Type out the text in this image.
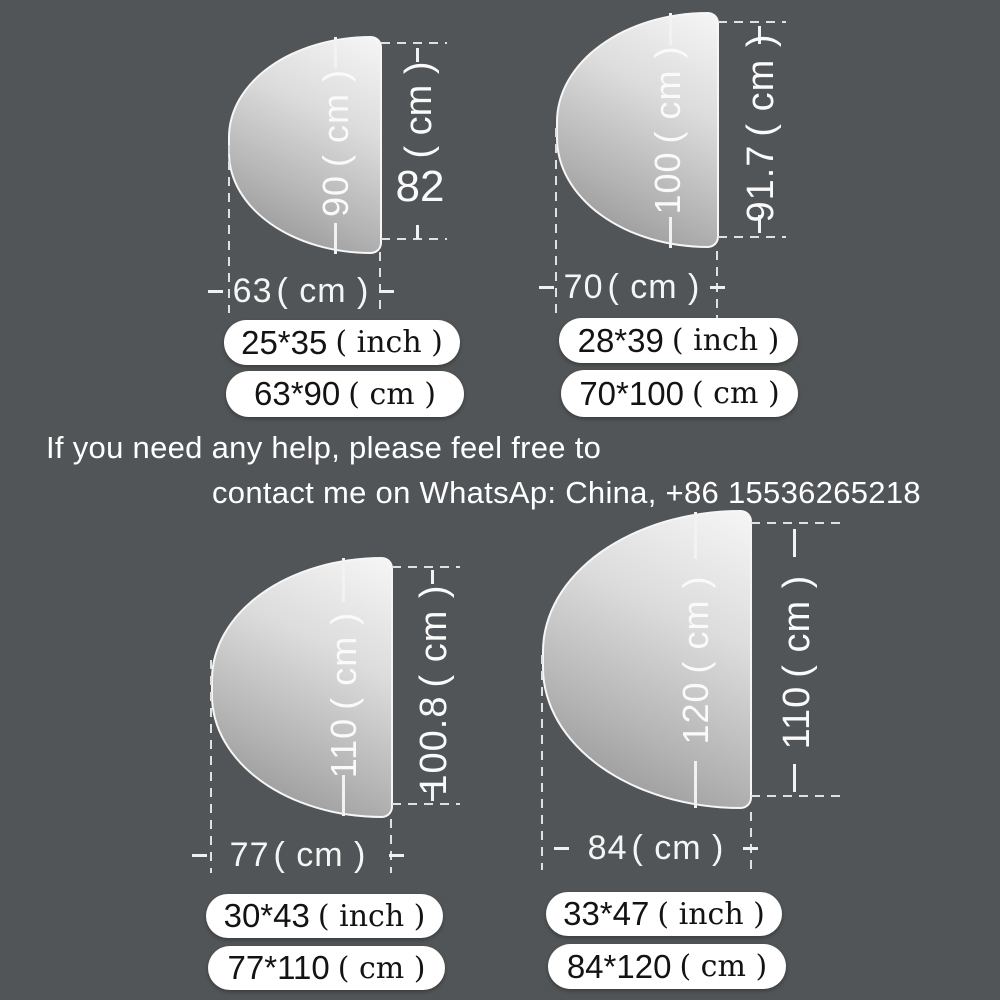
90( cm ) ( cm )
82
63 ( cm )
25*35 ( inch )
63*90 ( cm )
100( cm )
91.7( cm )
70 ( cm )
28*39 ( inch )
70*100 ( cm )
If you need any help, please feel free to
contact me on WhatsAp: China, +86 15536265218
110( cm )
100.8( cm )
77 ( cm )
30*43 ( inch )
77*110 ( cm )
120( cm )
110( cm )
84 ( cm )
33*47 ( inch )
84*120 ( cm )
